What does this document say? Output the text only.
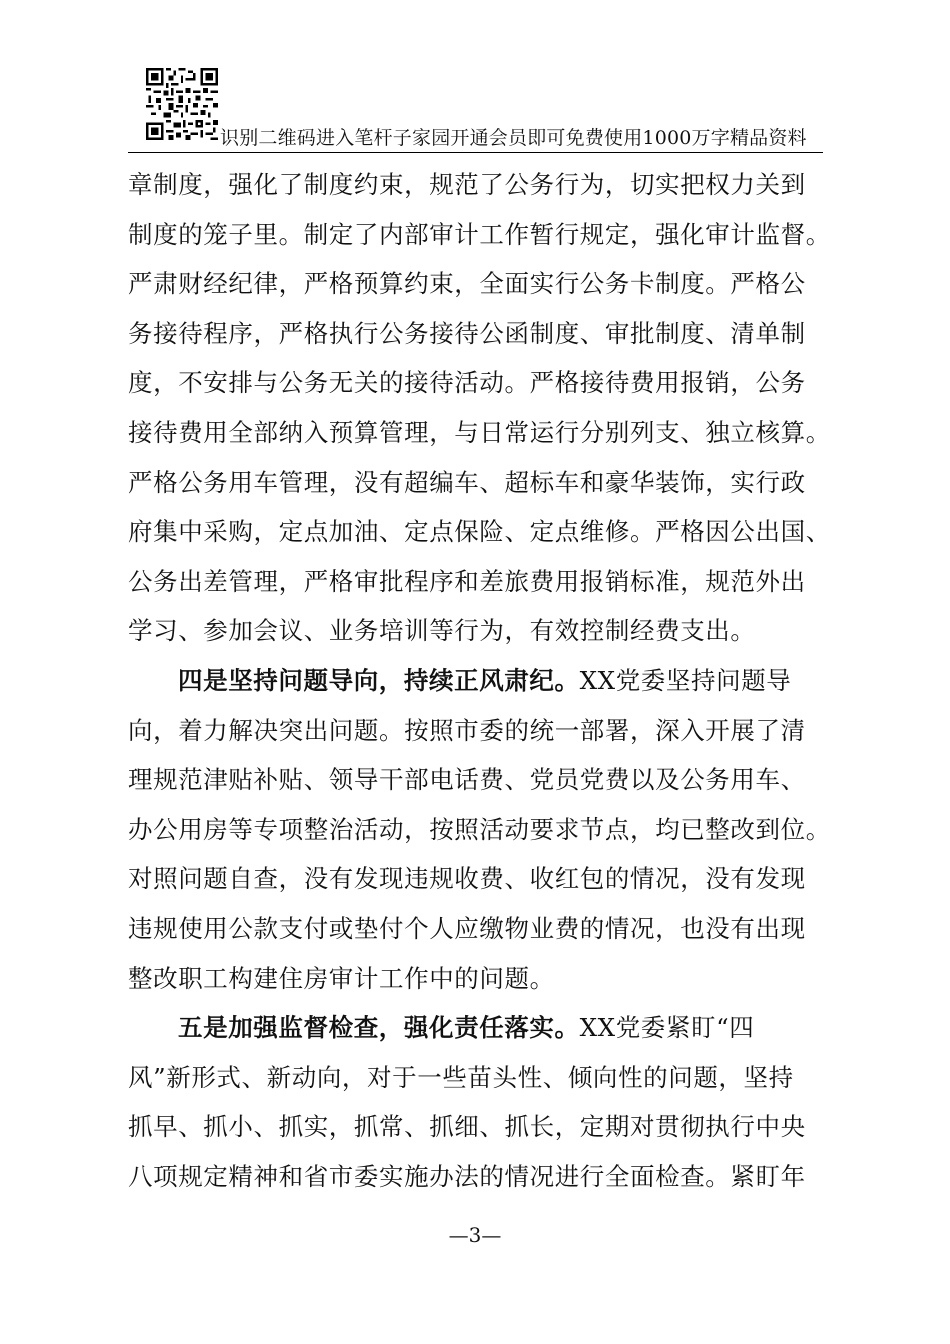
识别二维码进入笔杆子家园开通会员即可免费使用1000万字精品资料
章制度，强化了制度约束，规范了公务行为，切实把权力关到
制度的笼子里。制定了内部审计工作暂行规定，强化审计监督。
严肃财经纪律，严格预算约束，全面实行公务卡制度。严格公
务接待程序，严格执行公务接待公函制度、审批制度、清单制
度，不安排与公务无关的接待活动。严格接待费用报销，公务
接待费用全部纳入预算管理，与日常运行分别列支、独立核算。
严格公务用车管理，没有超编车、超标车和豪华装饰，实行政
府集中采购，定点加油、定点保险、定点维修。严格因公出国、
公务出差管理，严格审批程序和差旅费用报销标准，规范外出
学习、参加会议、业务培训等行为，有效控制经费支出。
四是坚持问题导向，持续正风肃纪。XX党委坚持问题导
向，着力解决突出问题。按照市委的统一部署，深入开展了清
理规范津贴补贴、领导干部电话费、党员党费以及公务用车、
办公用房等专项整治活动，按照活动要求节点，均已整改到位。
对照问题自查，没有发现违规收费、收红包的情况，没有发现
违规使用公款支付或垫付个人应缴物业费的情况，也没有出现
整改职工构建住房审计工作中的问题。
五是加强监督检查，强化责任落实。XX党委紧盯“四
风”新形式、新动向，对于一些苗头性、倾向性的问题，坚持
抓早、抓小、抓实，抓常、抓细、抓长，定期对贯彻执行中央
八项规定精神和省市委实施办法的情况进行全面检查。紧盯年
—3—
